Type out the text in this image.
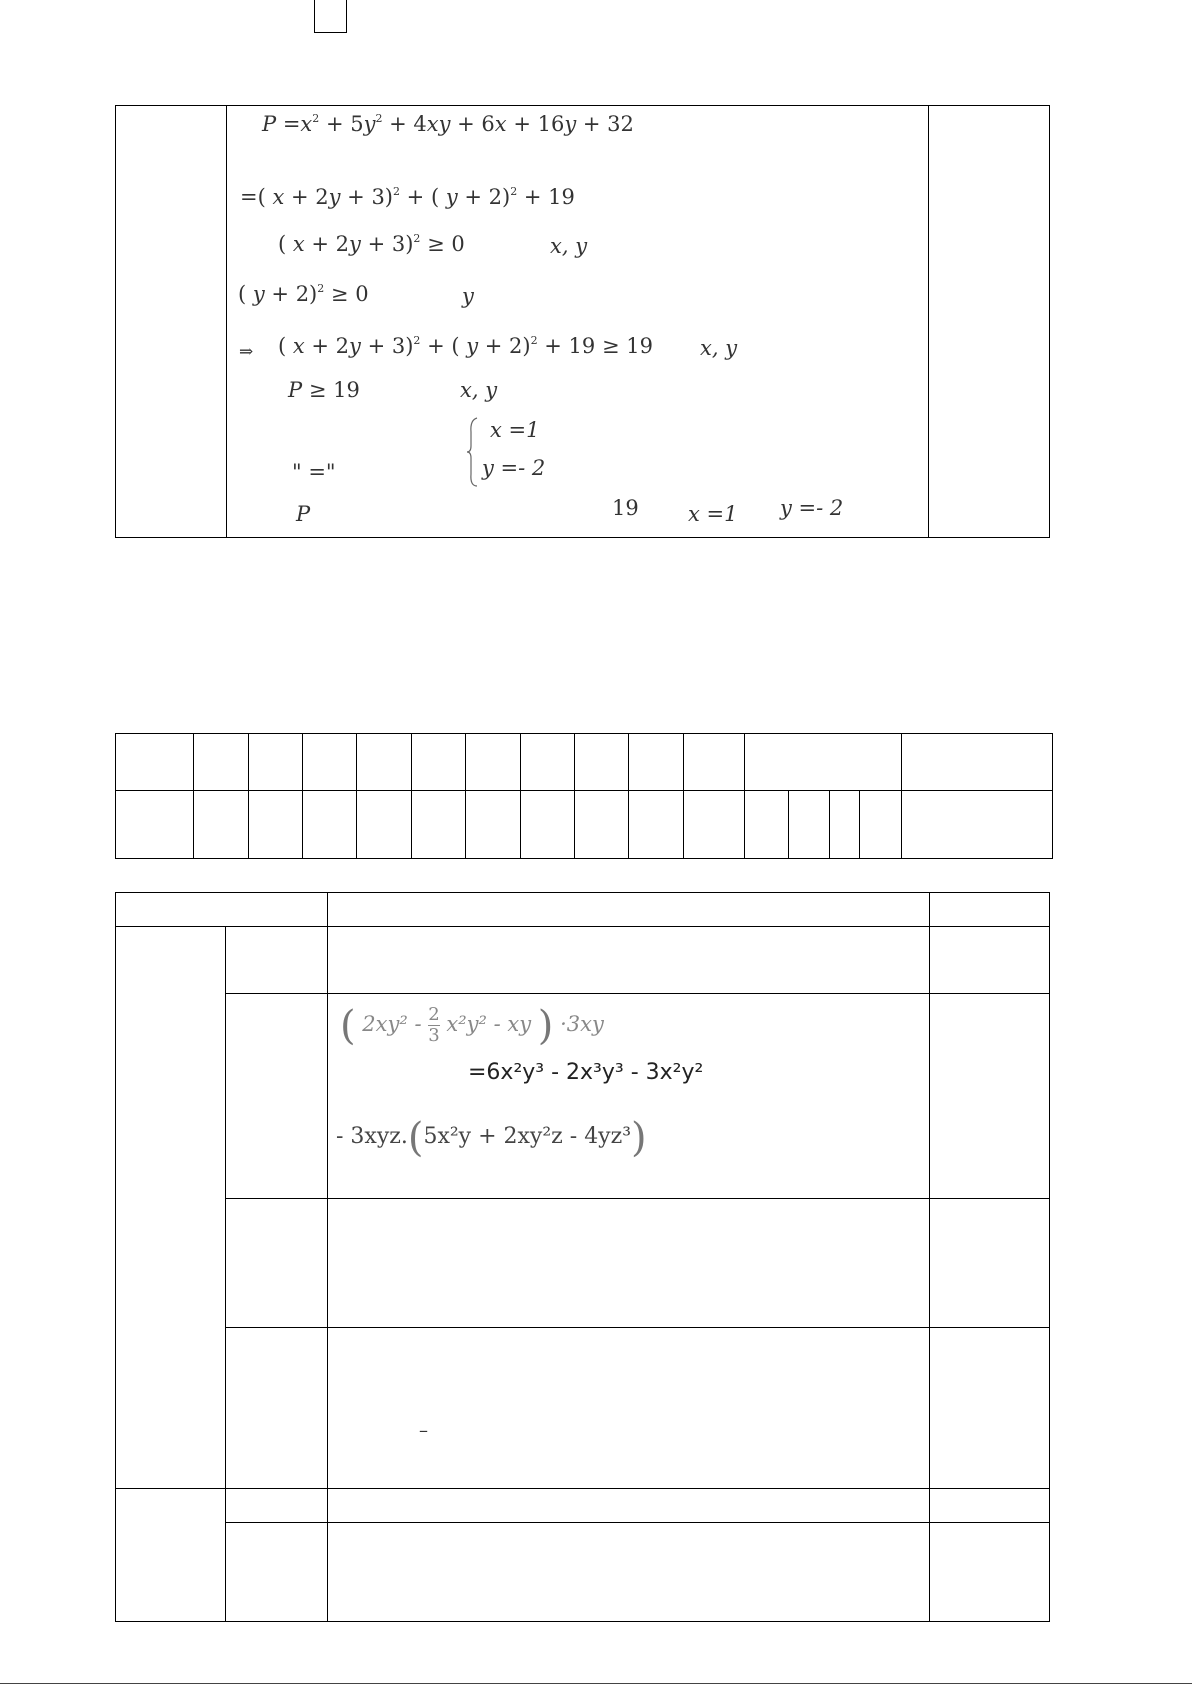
$P =x^2 + 5y^2 + 4xy + 6x + 16y + 32$
=( x + 2y + 3)$^2$ + ( y + 2)$^2$ + 19
( x + 2y + 3)$^2$ ≥ 0	x, y
( y + 2)$^2$ ≥ 0	y
⇒ ( x + 2y + 3)$^2$ + ( y + 2)$^2$ + 19 ≥ 19 x, y
P ≥ 19	x, y
x =1
y =- 2
" ="
P	19 x =1 y =- 2

( $2xy^2 - \frac{2}{3} x^2y^2$ - xy ) ·3xy
=6x²y³ - 2x³y³ - 3x²y²
- 3xyz.(5x²y + 2xy²z - 4yz³)
–
